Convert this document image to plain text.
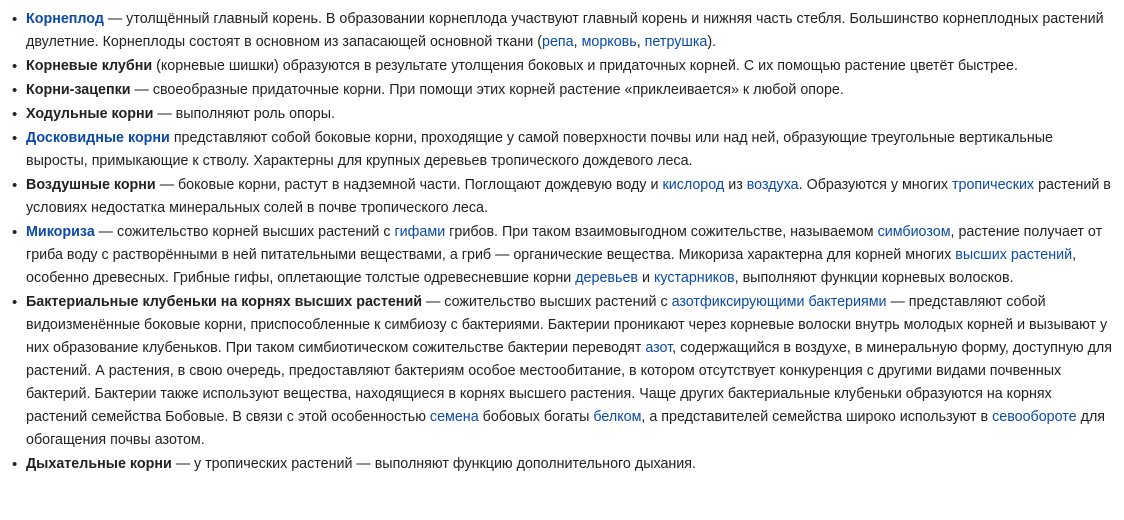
• Корнеплод — утолщённый главный корень. В образовании корнеплода участвуют главный корень и нижняя часть стебля. Большинство корнеплодных растений двулетние. Корнеплоды состоят в основном из запасающей основной ткани (репа, морковь, петрушка).
• Корневые клубни (корневые шишки) образуются в результате утолщения боковых и придаточных корней. С их помощью растение цветёт быстрее.
• Корни-зацепки — своеобразные придаточные корни. При помощи этих корней растение «приклеивается» к любой опоре.
• Ходульные корни — выполняют роль опоры.
• Досковидные корни представляют собой боковые корни, проходящие у самой поверхности почвы или над ней, образующие треугольные вертикальные выросты, примыкающие к стволу. Характерны для крупных деревьев тропического дождевого леса.
• Воздушные корни — боковые корни, растут в надземной части. Поглощают дождевую воду и кислород из воздуха. Образуются у многих тропических растений в условиях недостатка минеральных солей в почве тропического леса.
• Микориза — сожительство корней высших растений с гифами грибов. При таком взаимовыгодном сожительстве, называемом симбиозом, растение получает от гриба воду с растворёнными в ней питательными веществами, а гриб — органические вещества. Микориза характерна для корней многих высших растений, особенно древесных. Грибные гифы, оплетающие толстые одревесневшие корни деревьев и кустарников, выполняют функции корневых волосков.
• Бактериальные клубеньки на корнях высших растений — сожительство высших растений с азотфиксирующими бактериями — представляют собой видоизменённые боковые корни, приспособленные к симбиозу с бактериями. Бактерии проникают через корневые волоски внутрь молодых корней и вызывают у них образование клубеньков. При таком симбиотическом сожительстве бактерии переводят азот, содержащийся в воздухе, в минеральную форму, доступную для растений. А растения, в свою очередь, предоставляют бактериям особое местообитание, в котором отсутствует конкуренция с другими видами почвенных бактерий. Бактерии также используют вещества, находящиеся в корнях высшего растения. Чаще других бактериальные клубеньки образуются на корнях растений семейства Бобовые. В связи с этой особенностью семена бобовых богаты белком, а представителей семейства широко используют в севообороте для обогащения почвы азотом.
• Дыхательные корни — у тропических растений — выполняют функцию дополнительного дыхания.
